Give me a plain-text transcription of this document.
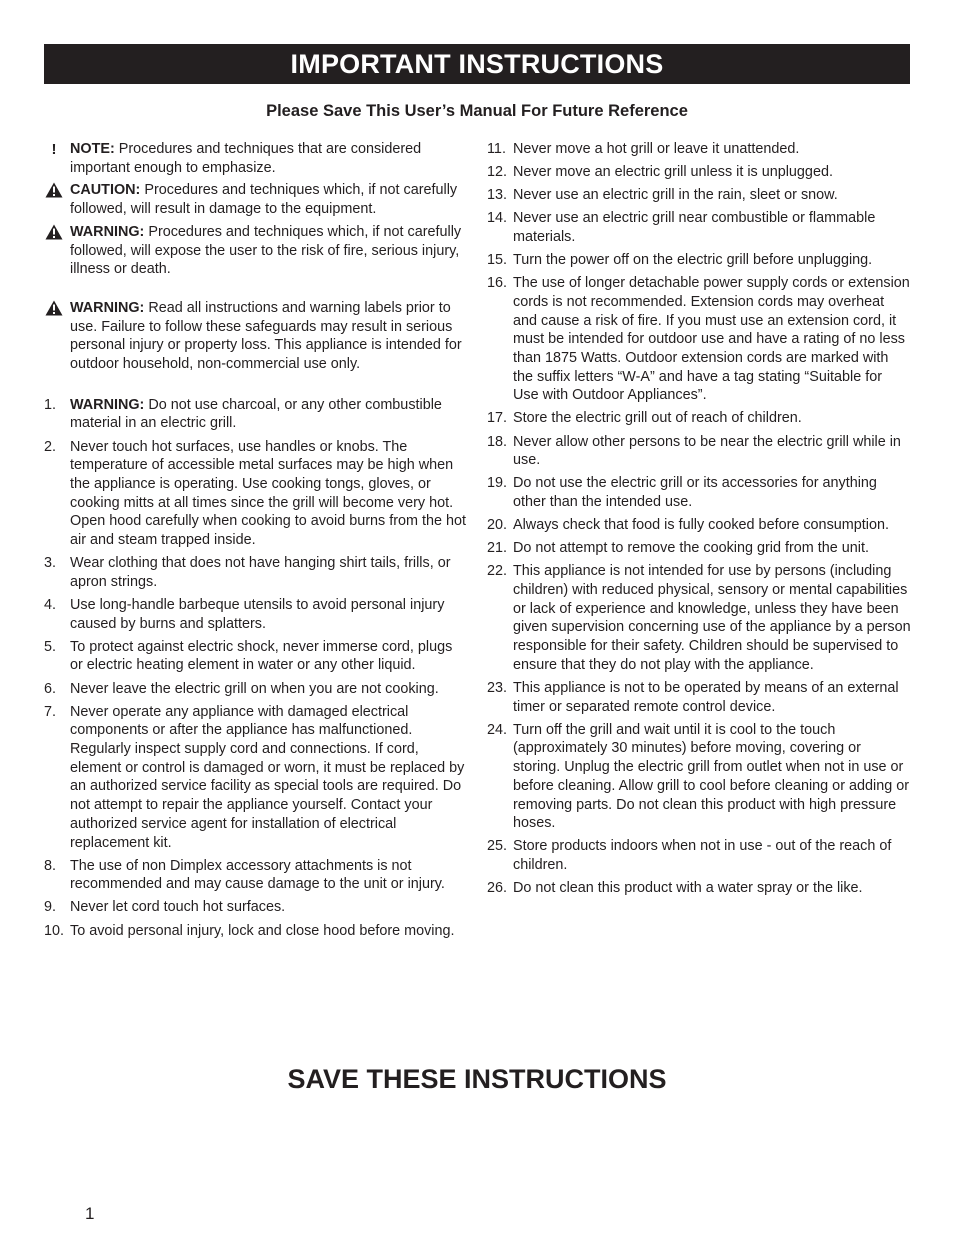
IMPORTANT INSTRUCTIONS
Please Save This User’s Manual For Future Reference
! NOTE: Procedures and techniques that are considered important enough to emphasize.
CAUTION: Procedures and techniques which, if not carefully followed, will result in damage to the equipment.
WARNING: Procedures and techniques which, if not carefully followed, will expose the user to the risk of fire, serious injury, illness or death.
WARNING: Read all instructions and warning labels prior to use. Failure to follow these safeguards may result in serious personal injury or property loss. This appliance is intended for outdoor household, non-commercial use only.
1. WARNING: Do not use charcoal, or any other combustible material in an electric grill.
2. Never touch hot surfaces, use handles or knobs. The temperature of accessible metal surfaces may be high when the appliance is operating. Use cooking tongs, gloves, or cooking mitts at all times since the grill will become very hot. Open hood carefully when cooking to avoid burns from the hot air and steam trapped inside.
3. Wear clothing that does not have hanging shirt tails, frills, or apron strings.
4. Use long-handle barbeque utensils to avoid personal injury caused by burns and splatters.
5. To protect against electric shock, never immerse cord, plugs or electric heating element in water or any other liquid.
6. Never leave the electric grill on when you are not cooking.
7. Never operate any appliance with damaged electrical components or after the appliance has malfunctioned. Regularly inspect supply cord and connections. If cord, element or control is damaged or worn, it must be replaced by an authorized service facility as special tools are required. Do not attempt to repair the appliance yourself. Contact your authorized service agent for installation of electrical replacement kit.
8. The use of non Dimplex accessory attachments is not recommended and may cause damage to the unit or injury.
9. Never let cord touch hot surfaces.
10. To avoid personal injury, lock and close hood before moving.
11. Never move a hot grill or leave it unattended.
12. Never move an electric grill unless it is unplugged.
13. Never use an electric grill in the rain, sleet or snow.
14. Never use an electric grill near combustible or flammable materials.
15. Turn the power off on the electric grill before unplugging.
16. The use of longer detachable power supply cords or extension cords is not recommended. Extension cords may overheat and cause a risk of fire. If you must use an extension cord, it must be intended for outdoor use and have a rating of no less than 1875 Watts. Outdoor extension cords are marked with the suffix letters “W-A” and have a tag stating “Suitable for Use with Outdoor Appliances”.
17. Store the electric grill out of reach of children.
18. Never allow other persons to be near the electric grill while in use.
19. Do not use the electric grill or its accessories for anything other than the intended use.
20. Always check that food is fully cooked before consumption.
21. Do not attempt to remove the cooking grid from the unit.
22. This appliance is not intended for use by persons (including children) with reduced physical, sensory or mental capabilities or lack of experience and knowledge, unless they have been given supervision concerning use of the appliance by a person responsible for their safety. Children should be supervised to ensure that they do not play with the appliance.
23. This appliance is not to be operated by means of an external timer or separated remote control device.
24. Turn off the grill and wait until it is cool to the touch (approximately 30 minutes) before moving, covering or storing. Unplug the electric grill from outlet when not in use or before cleaning. Allow grill to cool before cleaning or adding or removing parts. Do not clean this product with high pressure hoses.
25. Store products indoors when not in use - out of the reach of children.
26. Do not clean this product with a water spray or the like.
SAVE THESE INSTRUCTIONS
1
